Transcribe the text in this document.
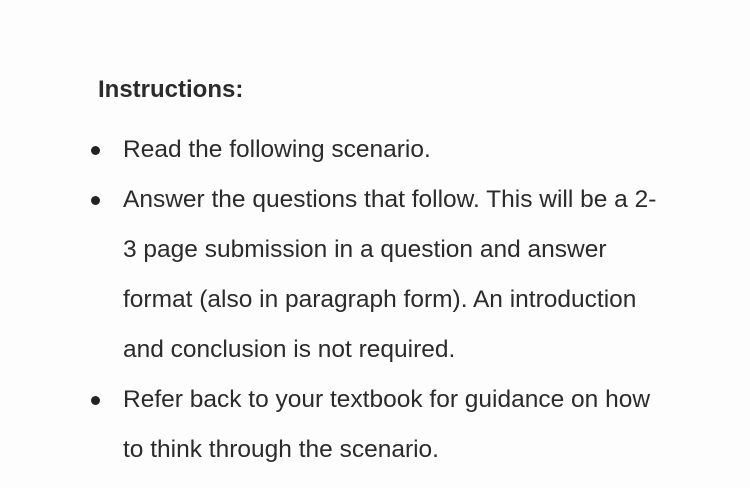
Instructions:
Read the following scenario.
Answer the questions that follow. This will be a 2-3 page submission in a question and answer format (also in paragraph form). An introduction and conclusion is not required.
Refer back to your textbook for guidance on how to think through the scenario.
